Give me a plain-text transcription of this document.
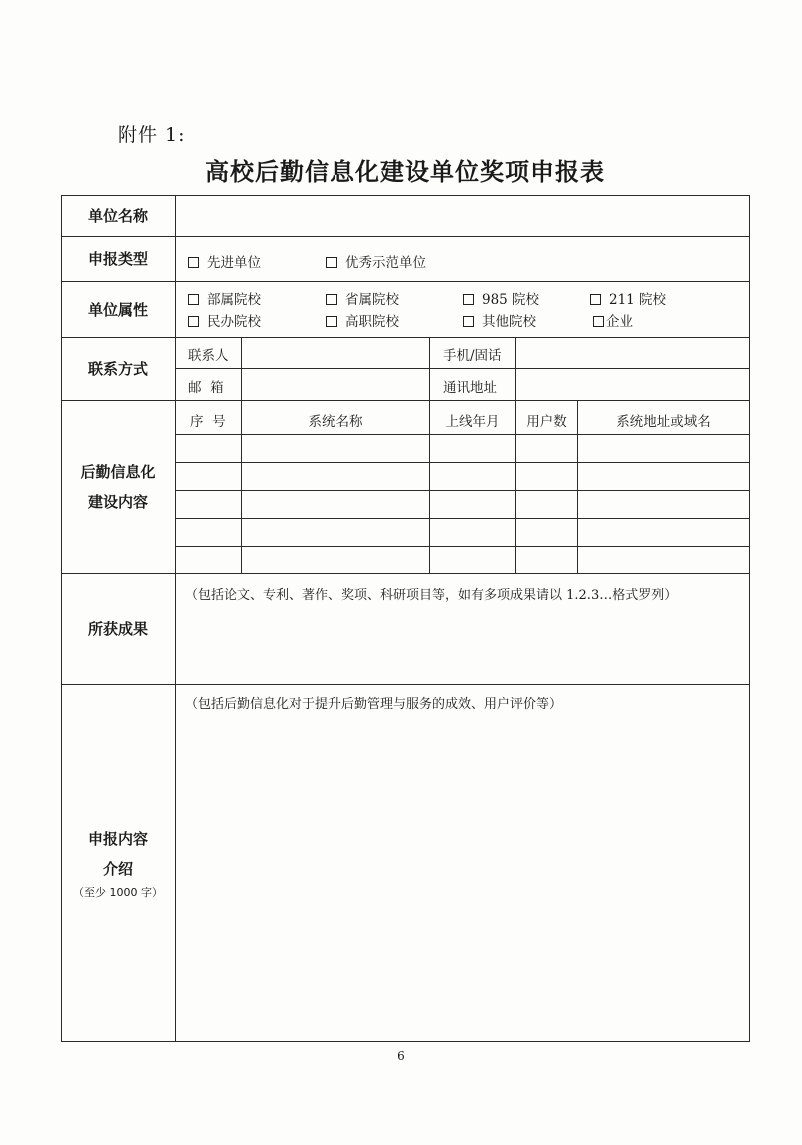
附件 1:
高校后勤信息化建设单位奖项申报表
单位名称
申报类型	先进单位	优秀示范单位
单位属性
部属院校	省属院校	985 院校	211 院校
民办院校	高职院校	其他院校	企业
联系方式
联系人	手机/固话
邮  箱	通讯地址
后勤信息化
建设内容
序  号	系统名称	上线年月	用户数	系统地址或域名
所获成果
（包括论文、专利、著作、奖项、科研项目等，如有多项成果请以 1.2.3…格式罗列）
申报内容
介绍
（至少 1000 字）
（包括后勤信息化对于提升后勤管理与服务的成效、用户评价等）
6
